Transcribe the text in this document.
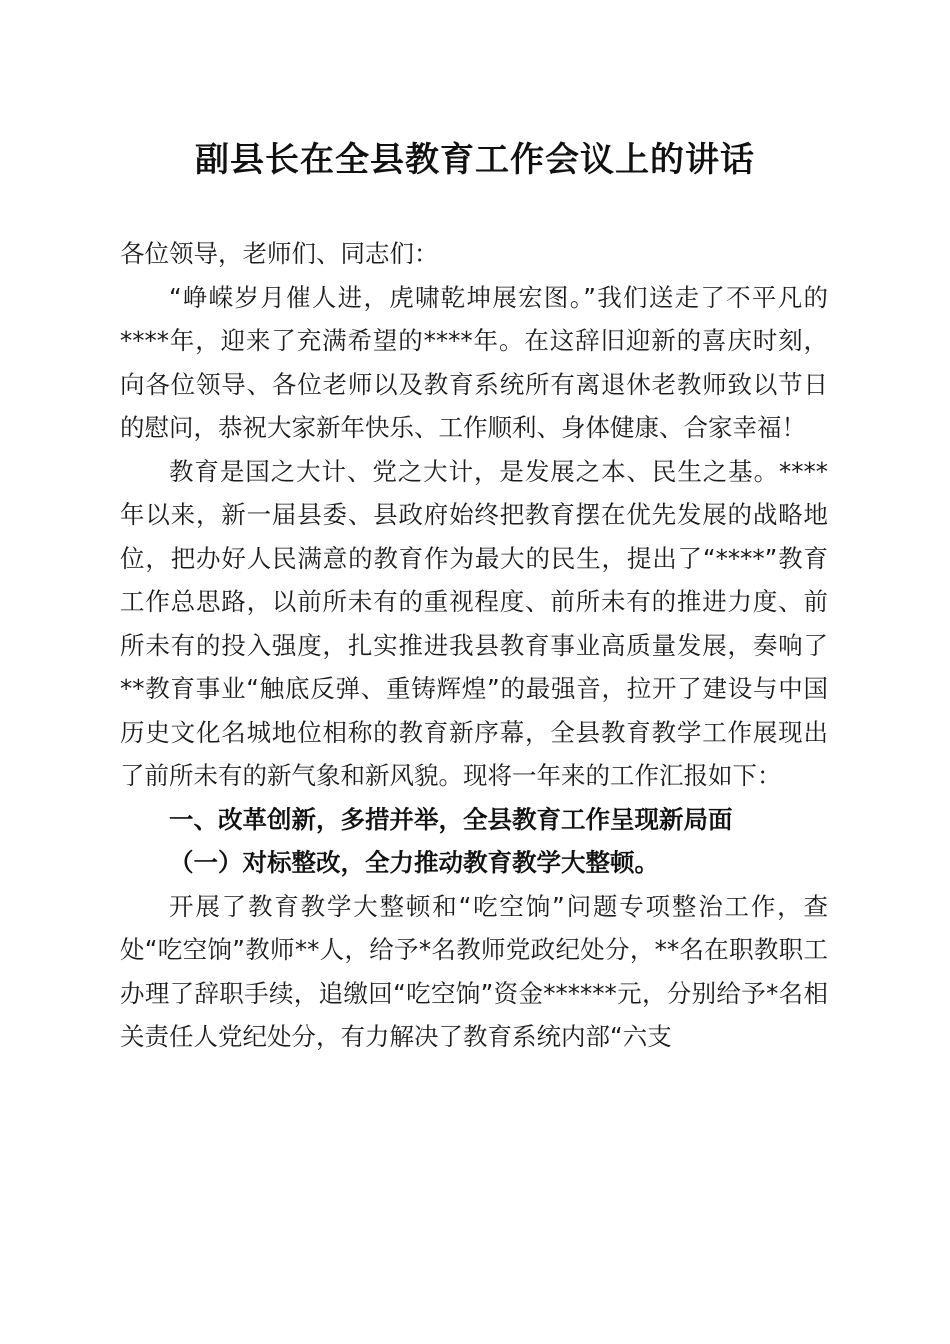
副县长在全县教育工作会议上的讲话

各位领导，老师们、同志们：

“峥嵘岁月催人进，虎啸乾坤展宏图。”我们送走了不平凡的****年，迎来了充满希望的****年。在这辞旧迎新的喜庆时刻，向各位领导、各位老师以及教育系统所有离退休老教师致以节日的慰问，恭祝大家新年快乐、工作顺利、身体健康、合家幸福！

教育是国之大计、党之大计，是发展之本、民生之基。****年以来，新一届县委、县政府始终把教育摆在优先发展的战略地位，把办好人民满意的教育作为最大的民生，提出了“****”教育工作总思路，以前所未有的重视程度、前所未有的推进力度、前所未有的投入强度，扎实推进我县教育事业高质量发展，奏响了**教育事业“触底反弹、重铸辉煌”的最强音，拉开了建设与中国历史文化名城地位相称的教育新序幕，全县教育教学工作展现出了前所未有的新气象和新风貌。现将一年来的工作汇报如下：

一、改革创新，多措并举，全县教育工作呈现新局面

（一）对标整改，全力推动教育教学大整顿。

开展了教育教学大整顿和“吃空饷”问题专项整治工作，查处“吃空饷”教师**人，给予*名教师党政纪处分，**名在职教职工办理了辞职手续，追缴回“吃空饷”资金******元，分别给予*名相关责任人党纪处分，有力解决了教育系统内部“六支
